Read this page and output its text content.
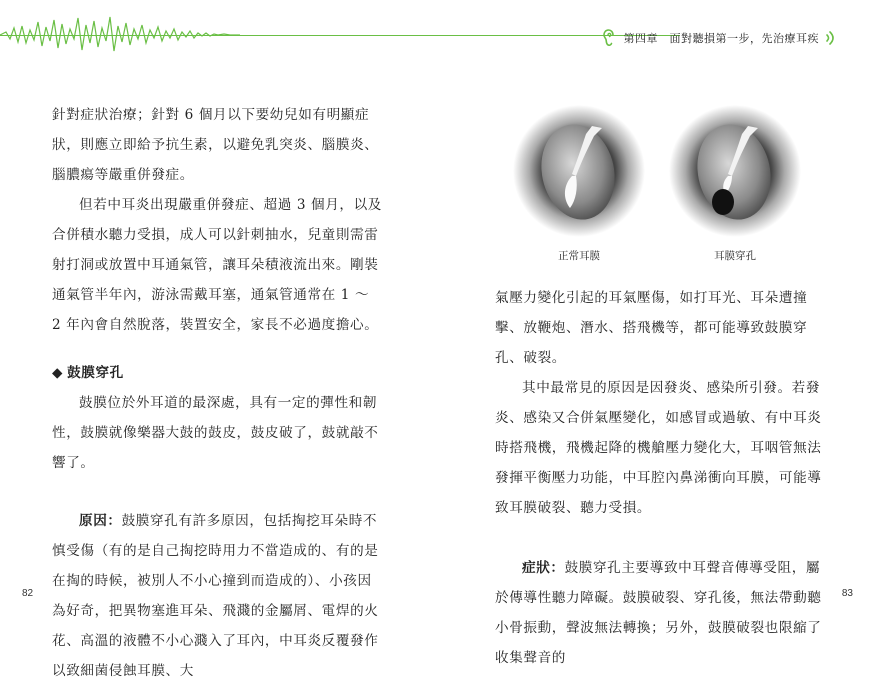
第四章　面對聽損第一步，先治療耳疾

針對症狀治療；針對 6 個月以下要幼兒如有明顯症狀，則應立即給予抗生素，以避免乳突炎、腦膜炎、腦膿瘍等嚴重併發症。

但若中耳炎出現嚴重併發症、超過 3 個月，以及合併積水聽力受損，成人可以針刺抽水，兒童則需雷射打洞或放置中耳通氣管，讓耳朵積液流出來。剛裝通氣管半年內，游泳需戴耳塞，通氣管通常在 1 ～ 2 年內會自然脫落，裝置安全，家長不必過度擔心。

◆ 鼓膜穿孔

鼓膜位於外耳道的最深處，具有一定的彈性和韌性，鼓膜就像樂器大鼓的鼓皮，鼓皮破了，鼓就敲不響了。

原因：鼓膜穿孔有許多原因，包括掏挖耳朵時不慎受傷（有的是自己掏挖時用力不當造成的、有的是在掏的時候，被別人不小心撞到而造成的）、小孩因為好奇，把異物塞進耳朵、飛濺的金屬屑、電焊的火花、高溫的液體不小心濺入了耳內，中耳炎反覆發作以致細菌侵蝕耳膜、大

82
正常耳膜	耳膜穿孔

氣壓力變化引起的耳氣壓傷，如打耳光、耳朵遭撞擊、放鞭炮、潛水、搭飛機等，都可能導致鼓膜穿孔、破裂。

其中最常見的原因是因發炎、感染所引發。若發炎、感染又合併氣壓變化，如感冒或過敏、有中耳炎時搭飛機，飛機起降的機艙壓力變化大，耳咽管無法發揮平衡壓力功能，中耳腔內鼻涕衝向耳膜，可能導致耳膜破裂、聽力受損。

症狀：鼓膜穿孔主要導致中耳聲音傳導受阻，屬於傳導性聽力障礙。鼓膜破裂、穿孔後，無法帶動聽小骨振動，聲波無法轉換；另外，鼓膜破裂也限縮了收集聲音的

83
